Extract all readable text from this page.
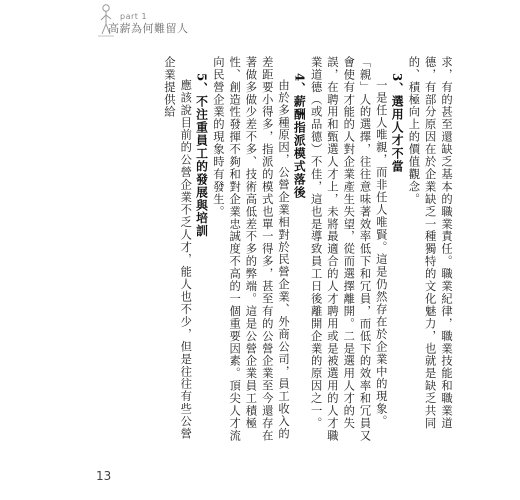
part 1
高薪為何難留人

求，有的甚至還缺乏基本的職業責任。職業紀律，職業技能和職業道德，有部分原因在於企業缺乏一種獨特的文化魅力，也就是缺乏共同的、積極向上的價值觀念。

3、選用人才不當

一是任人唯親，而非任人唯賢。這是仍然存在於企業中的現象。「親」人的選擇，往往意味著效率低下和冗員，而低下的效率和冗員又會使有才能的人對企業產生失望，從而選擇離開。二是選用人才的失誤，在聘用和甄選人才上，未將最適合的人才聘用或是被選用的人才職業道德（或品德）不佳，這也是導致員工日後離開企業的原因之一。

4、薪酬指派模式落後

由於多種原因，公營企業相對於民營企業、外商公司，員工收入的差距要小得多，指派的模式也單一得多，甚至有的公營企業至今還存在著做多做少差不多、技術高低差不多的弊端。這是公營企業員工積極性、創造性發揮不夠和對企業忠誠度不高的一個重要因素。頂尖人才流向民營企業的現象時有發生。

5、不注重員工的發展與培訓

應該說目前的公營企業不乏人才，能人也不少，但是往往有些公營企業提供給

13
